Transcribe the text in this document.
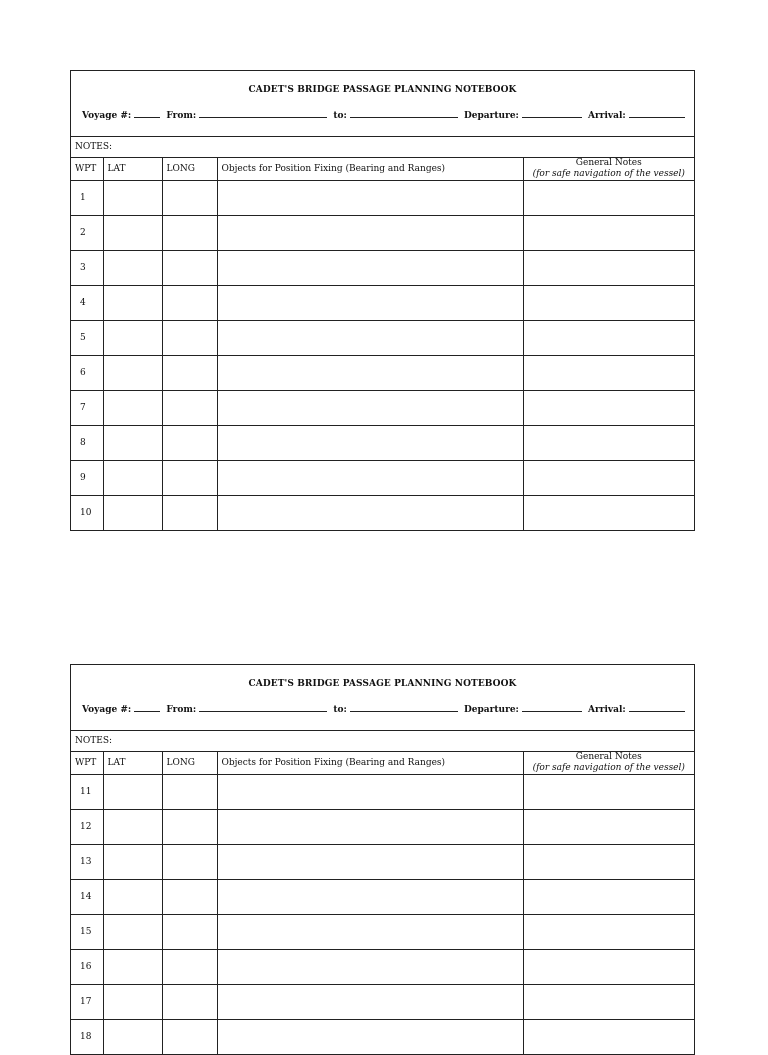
CADET'S BRIDGE PASSAGE PLANNING NOTEBOOK
Voyage #:	From:	to:	Departure:	Arrival:
NOTES:
WPT	LAT	LONG	Objects for Position Fixing (Bearing and Ranges)	General Notes
(for safe navigation of the vessel)

1				
2				
3				
4				
5				
6				
7				
8				
9				
10				
CADET'S BRIDGE PASSAGE PLANNING NOTEBOOK
Voyage #:	From:	to:	Departure:	Arrival:
NOTES:
WPT	LAT	LONG	Objects for Position Fixing (Bearing and Ranges)	General Notes
(for safe navigation of the vessel)

11				
12				
13				
14				
15				
16				
17				
18				
